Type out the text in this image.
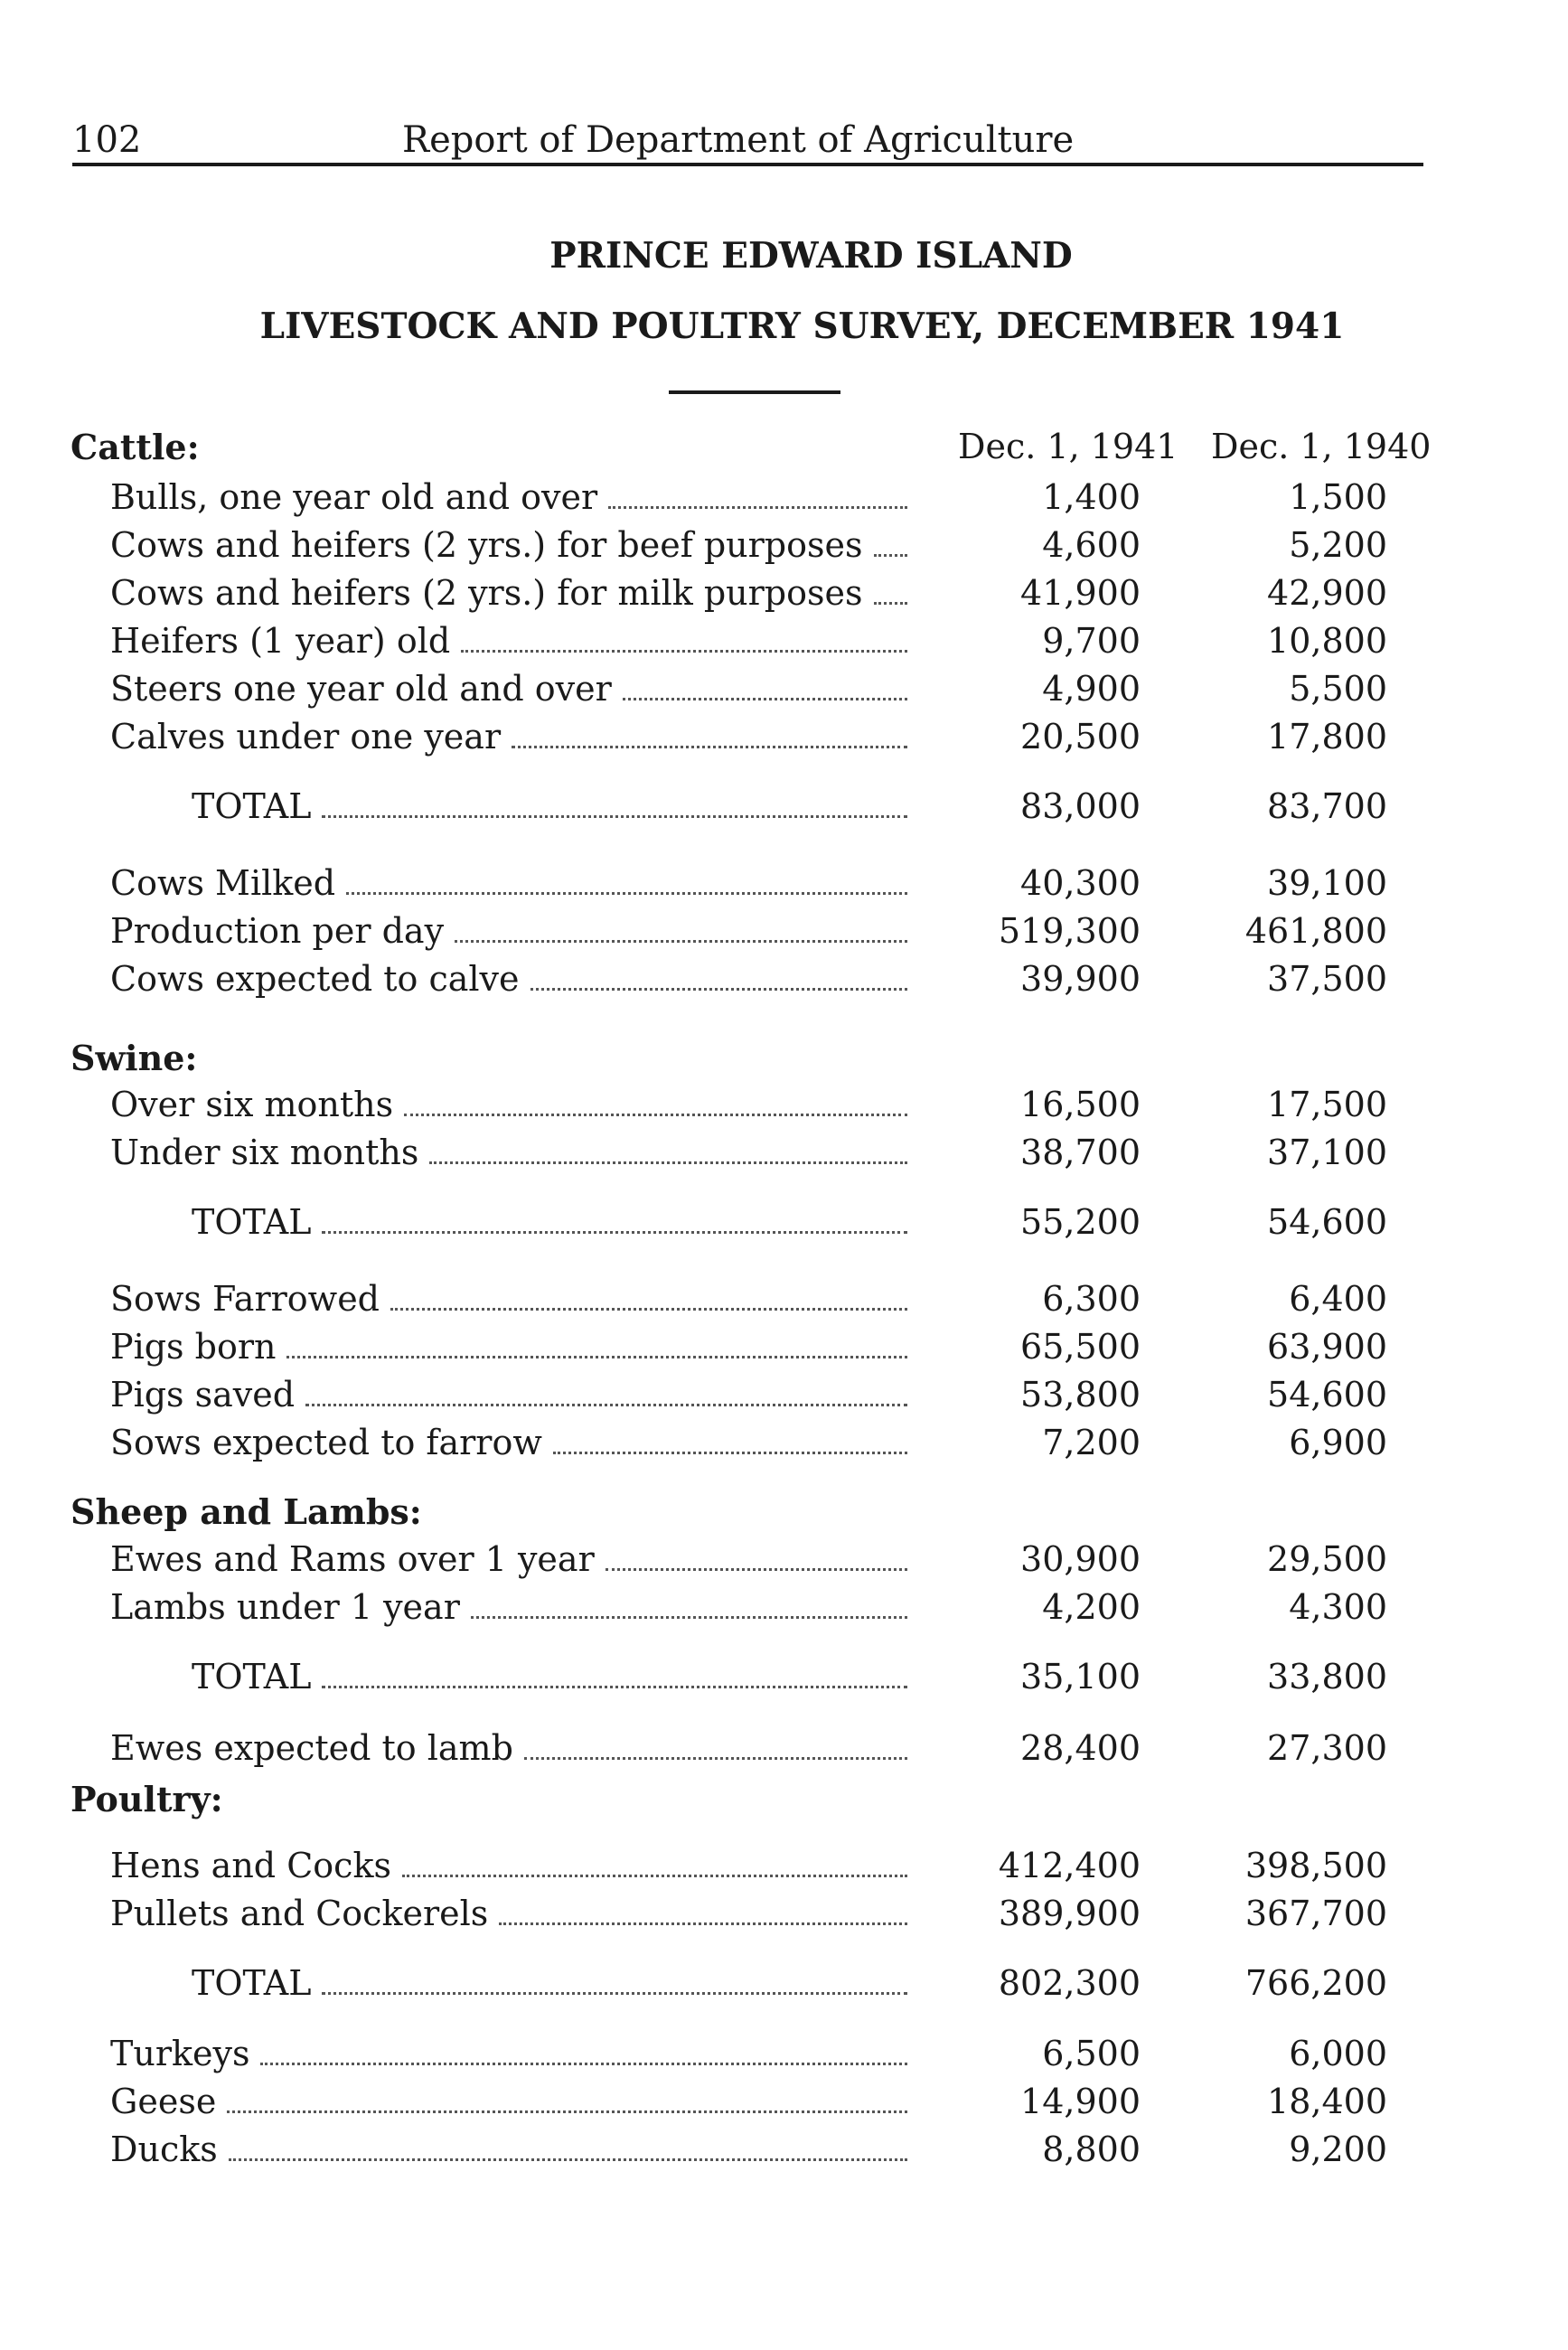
102	Report of Department of Agriculture
PRINCE EDWARD ISLAND
LIVESTOCK AND POULTRY SURVEY, DECEMBER 1941
Dec. 1, 1941 Dec. 1, 1940
Cattle:
Swine:
Sheep and Lambs:
Poultry:
Bulls, one year old and over	1,400	1,500
Cows and heifers (2 yrs.) for beef purposes	4,600	5,200
Cows and heifers (2 yrs.) for milk purposes	41,900	42,900
Heifers (1 year) old	9,700	10,800
Steers one year old and over	4,900	5,500
Calves under one year	20,500	17,800
TOTAL	83,000	83,700
Cows Milked	40,300	39,100
Production per day	519,300	461,800
Cows expected to calve	39,900	37,500
Over six months	16,500	17,500
Under six months	38,700	37,100
TOTAL	55,200	54,600
Sows Farrowed	6,300	6,400
Pigs born	65,500	63,900
Pigs saved	53,800	54,600
Sows expected to farrow	7,200	6,900
Ewes and Rams over 1 year	30,900	29,500
Lambs under 1 year	4,200	4,300
TOTAL	35,100	33,800
Ewes expected to lamb	28,400	27,300
Hens and Cocks	412,400	398,500
Pullets and Cockerels	389,900	367,700
TOTAL	802,300	766,200
Turkeys	6,500	6,000
Geese	14,900	18,400
Ducks	8,800	9,200
